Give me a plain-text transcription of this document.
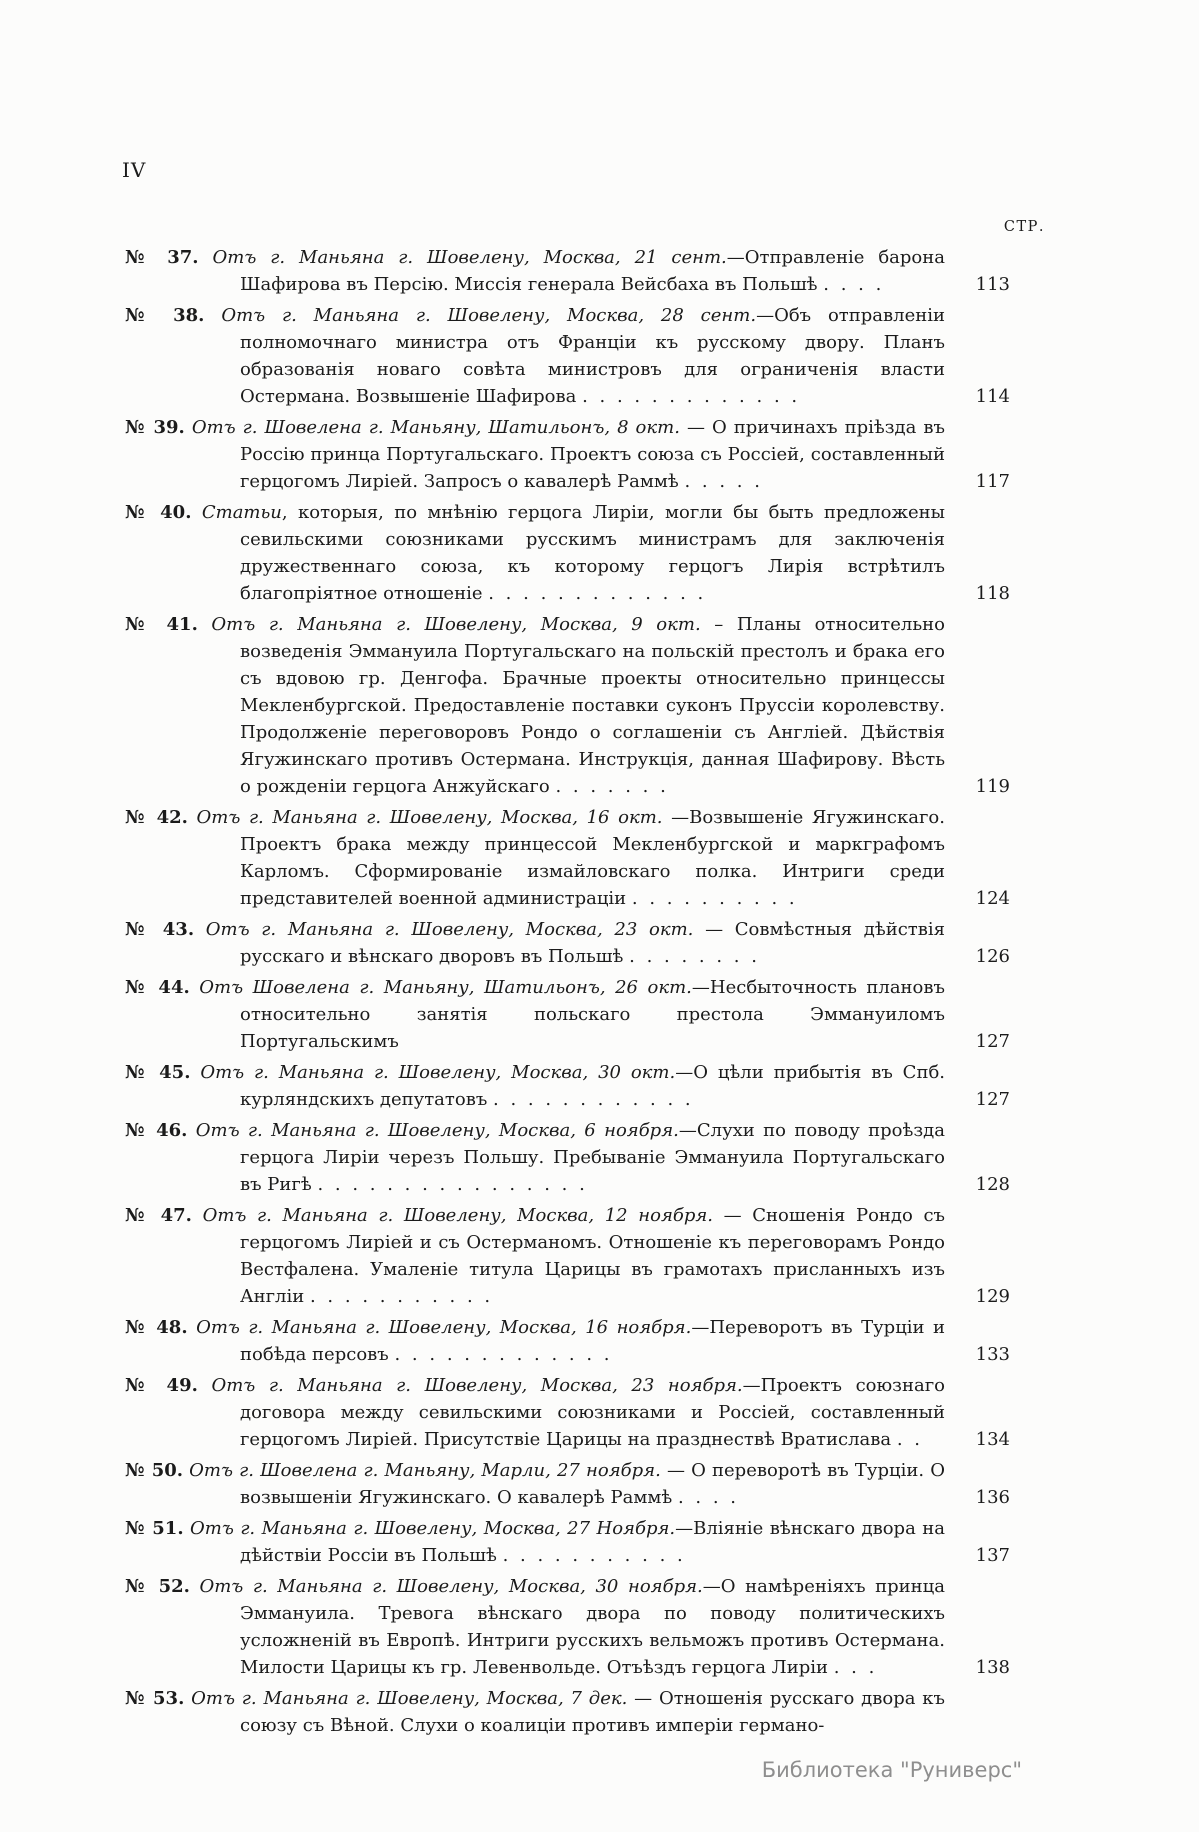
IV
СТР.
№ 37. Отъ г. Маньяна г. Шовелену, Москва, 21 сент.—Отправленіе барона Шафирова въ Персію. Миссія генерала Вейсбаха въ Польшѣ . . . .	113
№ 38. Отъ г. Маньяна г. Шовелену, Москва, 28 сент.—Объ отправленіи полномочнаго министра отъ Франціи къ русскому двору. Планъ образованія новаго совѣта министровъ для ограниченія власти Остермана. Возвышеніе Шафирова . . . . . . . . . . . . .	114
№ 39. Отъ г. Шовелена г. Маньяну, Шатильонъ, 8 окт. — О причинахъ пріѣзда въ Россію принца Португальскаго. Проектъ союза съ Россіей, составленный герцогомъ Лиріей. Запросъ о кавалерѣ Раммѣ . . . . .	117
№ 40. Статьи, которыя, по мнѣнію герцога Лиріи, могли бы быть предложены севильскими союзниками русскимъ министрамъ для заключенія дружественнаго союза, къ которому герцогъ Лирія встрѣтилъ благопріятное отношеніе . . . . . . . . . . . . .	118
№ 41. Отъ г. Маньяна г. Шовелену, Москва, 9 окт. – Планы относительно возведенія Эммануила Португальскаго на польскій престолъ и брака его съ вдовою гр. Денгофа. Брачные проекты относительно принцессы Мекленбургской. Предоставленіе поставки суконъ Пруссіи королевству. Продолженіе переговоровъ Рондо о соглашеніи съ Англіей. Дѣйствія Ягужинскаго противъ Остермана. Инструкція, данная Шафирову. Вѣсть о рожденіи герцога Анжуйскаго . . . . . . .	119
№ 42. Отъ г. Маньяна г. Шовелену, Москва, 16 окт. —Возвышеніе Ягужинскаго. Проектъ брака между принцессой Мекленбургской и маркграфомъ Карломъ. Сформированіе измайловскаго полка. Интриги среди представителей военной администраціи . . . . . . . . . .	124
№ 43. Отъ г. Маньяна г. Шовелену, Москва, 23 окт. — Совмѣстныя дѣйствія русскаго и вѣнскаго дворовъ въ Польшѣ . . . . . . . .	126
№ 44. Отъ Шовелена г. Маньяну, Шатильонъ, 26 окт.—Несбыточность плановъ относительно занятія польскаго престола Эммануиломъ Португальскимъ	127
№ 45. Отъ г. Маньяна г. Шовелену, Москва, 30 окт.—О цѣли прибытія въ Спб. курляндскихъ депутатовъ . . . . . . . . . . . .	127
№ 46. Отъ г. Маньяна г. Шовелену, Москва, 6 ноября.—Слухи по поводу проѣзда герцога Лиріи черезъ Польшу. Пребываніе Эммануила Португальскаго въ Ригѣ . . . . . . . . . . . . . . . .	128
№ 47. Отъ г. Маньяна г. Шовелену, Москва, 12 ноября. — Сношенія Рондо съ герцогомъ Лиріей и съ Остерманомъ. Отношеніе къ переговорамъ Рондо Вестфалена. Умаленіе титула Царицы въ грамотахъ присланныхъ изъ Англіи . . . . . . . . . . .	129
№ 48. Отъ г. Маньяна г. Шовелену, Москва, 16 ноября.—Переворотъ въ Турціи и побѣда персовъ . . . . . . . . . . . . .	133
№ 49. Отъ г. Маньяна г. Шовелену, Москва, 23 ноября.—Проектъ союзнаго договора между севильскими союзниками и Россіей, составленный герцогомъ Лиріей. Присутствіе Царицы на празднествѣ Вратислава . .	134
№ 50. Отъ г. Шовелена г. Маньяну, Марли, 27 ноября. — О переворотѣ въ Турціи. О возвышеніи Ягужинскаго. О кавалерѣ Раммѣ . . . .	136
№ 51. Отъ г. Маньяна г. Шовелену, Москва, 27 Ноября.—Вліяніе вѣнскаго двора на дѣйствіи Россіи въ Польшѣ . . . . . . . . . . .	137
№ 52. Отъ г. Маньяна г. Шовелену, Москва, 30 ноября.—О намѣреніяхъ принца Эммануила. Тревога вѣнскаго двора по поводу политическихъ усложненій въ Европѣ. Интриги русскихъ вельможъ противъ Остермана. Милости Царицы къ гр. Левенвольде. Отъѣздъ герцога Лиріи . . .	138
№ 53. Отъ г. Маньяна г. Шовелену, Москва, 7 дек. — Отношенія русскаго двора къ союзу съ Вѣной. Слухи о коалиціи противъ имперіи германо-
Библиотека "Руниверс"
